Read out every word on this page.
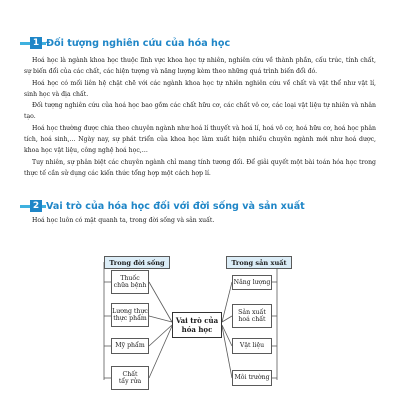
1 Đối tượng nghiên cứu của hóa học

Hoá học là ngành khoa học thuộc lĩnh vực khoa học tự nhiên, nghiên cứu về thành phần, cấu trúc, tính chất, sự biến đổi của các chất, các hiện tượng và năng lượng kèm theo những quá trình biến đổi đó.

Hoá học có mối liên hệ chặt chẽ với các ngành khoa học tự nhiên nghiên cứu về chất và vật thể như vật lí, sinh học và địa chất.

Đối tượng nghiên cứu của hoá học bao gồm các chất hữu cơ, các chất vô cơ, các loại vật liệu tự nhiên và nhân tạo.

Hoá học thường được chia theo chuyên ngành như hoá lí thuyết và hoá lí, hoá vô cơ, hoá hữu cơ, hoá học phân tích, hoá sinh,… Ngày nay, sự phát triển của khoa học làm xuất hiện nhiều chuyên ngành mới như hoá dược, khoa học vật liệu, công nghệ hoá học,…

Tuy nhiên, sự phân biệt các chuyên ngành chỉ mang tính tương đối. Để giải quyết một bài toán hóa học trong thực tế cần sử dụng các kiến thức tổng hợp một cách hợp lí.

2 Vai trò của hóa học đối với đời sống và sản xuất

Hoá học luôn có mặt quanh ta, trong đời sống và sản xuất.

Trong đời sống	Trong sản xuất
Vai trò của
hóa học
Thuốc
chữa bệnh
Lương thực
thực phẩm
Mỹ phẩm
Chất
tẩy rửa
Năng lượng
Sản xuất
hoá chất
Vật liệu
Môi trường
